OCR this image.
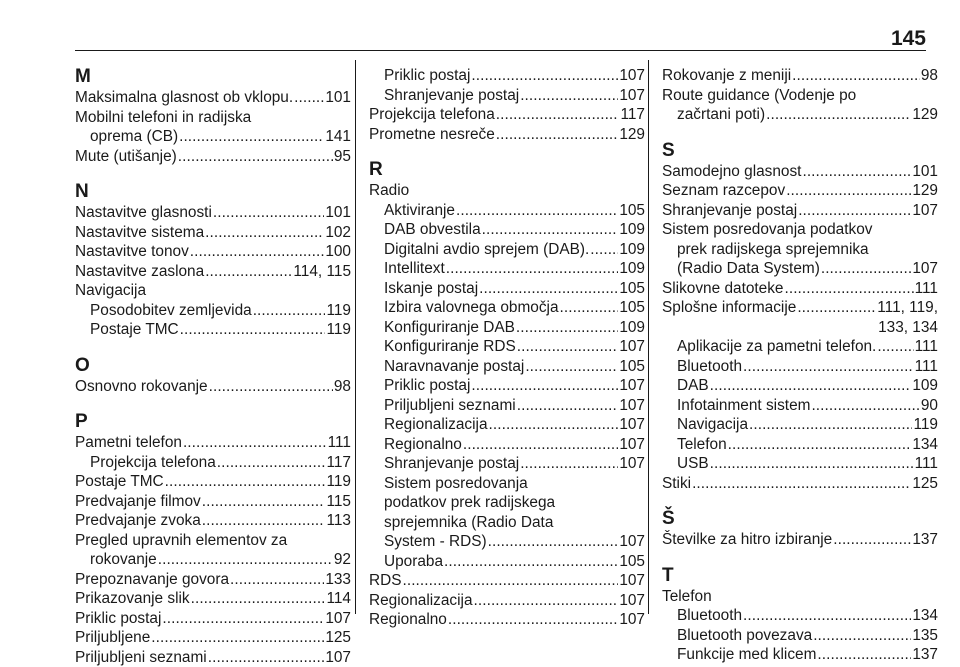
145
M
Maksimalna glasnost ob vklopu. . . . 101
Mobilni telefoni in radijska
oprema (CB) . . .	141
Mute (utišanje) . . .	95
N
Nastavitve glasnosti . . .	101
Nastavitve sistema . . .	102
Nastavitve tonov . . .	100
Nastavitve zaslona . . .	114, 115
Navigacija
Posodobitev zemljevida . . .	119
Postaje TMC . . .	119
O
Osnovno rokovanje . . .	98
P
Pametni telefon . . .	111
Projekcija telefona . . .	117
Postaje TMC . . .	119
Predvajanje filmov . . .	115
Predvajanje zvoka . . .	113
Pregled upravnih elementov za
rokovanje . . .	92
Prepoznavanje govora . . .	133
Prikazovanje slik . . .	114
Priklic postaj . . .	107
Priljubljene . . .	125
Priljubljeni seznami . . .	107
Priklic postaj . . .	107
Shranjevanje postaj . . .	107
Projekcija telefona . . .	117
Prometne nesreče . . .	129
R
Radio
Aktiviranje . . .	105
DAB obvestila . . .	109
Digitalni avdio sprejem (DAB). . . . 109
Intellitext . . .	109
Iskanje postaj . . .	105
Izbira valovnega območja . . .	105
Konfiguriranje DAB . . .	109
Konfiguriranje RDS . . .	107
Naravnavanje postaj . . .	105
Priklic postaj . . .	107
Priljubljeni seznami . . .	107
Regionalizacija . . .	107
Regionalno . . .	107
Shranjevanje postaj . . .	107
Sistem posredovanja
podatkov prek radijskega
sprejemnika (Radio Data
System - RDS) . . .	107
Uporaba . . .	105
RDS . . .	107
Regionalizacija . . .	107
Regionalno . . .	107
Rokovanje z meniji . . .	98
Route guidance (Vodenje po
začrtani poti) . . .	129
S
Samodejno glasnost . . .	101
Seznam razcepov . . .	129
Shranjevanje postaj . . .	107
Sistem posredovanja podatkov
prek radijskega sprejemnika
(Radio Data System) . . .	107
Slikovne datoteke . . .	111
Splošne informacije . . .	111, 119,
133, 134
Aplikacije za pametni telefon. . . . 111
Bluetooth . . .	111
DAB . . .	109
Infotainment sistem . . .	90
Navigacija . . .	119
Telefon . . .	134
USB . . .	111
Stiki . . .	125
Š
Številke za hitro izbiranje . . .	137
T
Telefon
Bluetooth . . .	134
Bluetooth povezava . . .	135
Funkcije med klicem . . .	137
